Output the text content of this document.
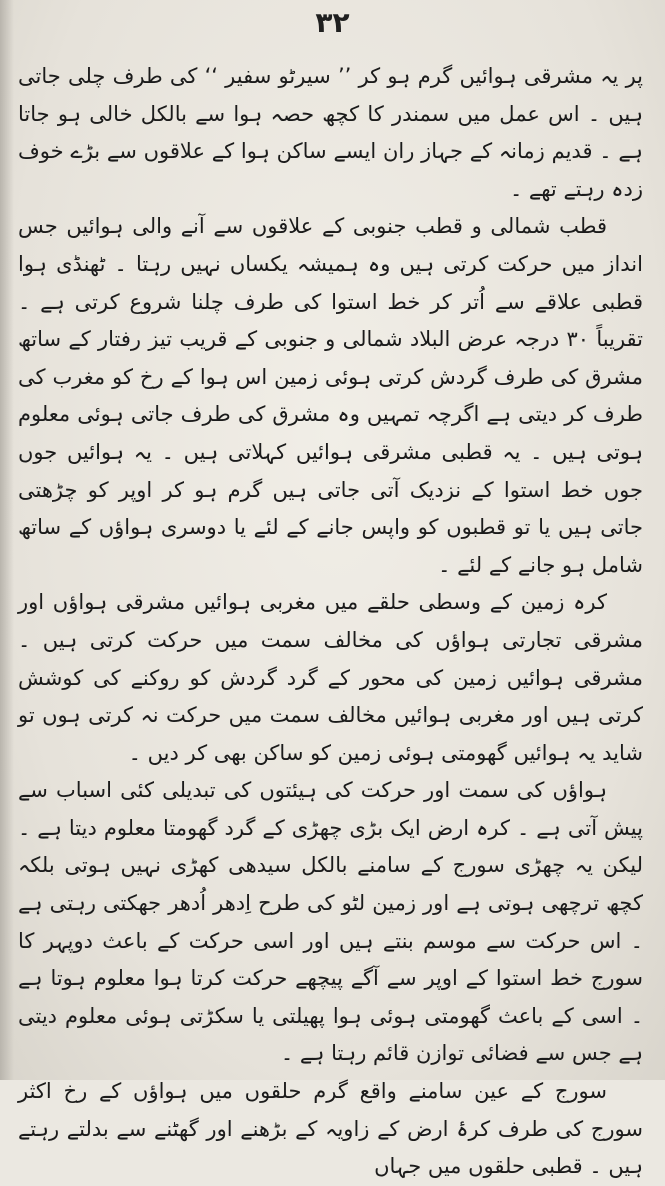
۳۲

پر یہ مشرقی ہوائیں گرم ہو کر ’’ سیرٹو سفیر ‘‘ کی طرف چلی جاتی ہیں ۔ اس عمل میں سمندر کا کچھ حصہ ہوا سے بالکل خالی ہو جاتا ہے ۔ قدیم زمانہ کے جہاز ران ایسے ساکن ہوا کے علاقوں سے بڑے خوف زدہ رہتے تھے ۔

قطب شمالی و قطب جنوبی کے علاقوں سے آنے والی ہوائیں جس انداز میں حرکت کرتی ہیں وہ ہمیشہ یکساں نہیں رہتا ۔ ٹھنڈی ہوا قطبی علاقے سے اُتر کر خط استوا کی طرف چلنا شروع کرتی ہے ۔ تقریباً ۳۰ درجہ عرض البلاد شمالی و جنوبی کے قریب تیز رفتار کے ساتھ مشرق کی طرف گردش کرتی ہوئی زمین اس ہوا کے رخ کو مغرب کی طرف کر دیتی ہے اگرچہ تمہیں وہ مشرق کی طرف جاتی ہوئی معلوم ہوتی ہیں ۔ یہ قطبی مشرقی ہوائیں کہلاتی ہیں ۔ یہ ہوائیں جوں جوں خط استوا کے نزدیک آتی جاتی ہیں گرم ہو کر اوپر کو چڑھتی جاتی ہیں یا تو قطبوں کو واپس جانے کے لئے یا دوسری ہواؤں کے ساتھ شامل ہو جانے کے لئے ۔

کرہ زمین کے وسطی حلقے میں مغربی ہوائیں مشرقی ہواؤں اور مشرقی تجارتی ہواؤں کی مخالف سمت میں حرکت کرتی ہیں ۔ مشرقی ہوائیں زمین کی محور کے گرد گردش کو روکنے کی کوشش کرتی ہیں اور مغربی ہوائیں مخالف سمت میں حرکت نہ کرتی ہوں تو شاید یہ ہوائیں گھومتی ہوئی زمین کو ساکن بھی کر دیں ۔

ہواؤں کی سمت اور حرکت کی ہیئتوں کی تبدیلی کئی اسباب سے پیش آتی ہے ۔ کرہ ارض ایک بڑی چھڑی کے گرد گھومتا معلوم دیتا ہے ۔ لیکن یہ چھڑی سورج کے سامنے بالکل سیدھی کھڑی نہیں ہوتی بلکہ کچھ ترچھی ہوتی ہے اور زمین لٹو کی طرح اِدھر اُدھر جھکتی رہتی ہے ۔ اس حرکت سے موسم بنتے ہیں اور اسی حرکت کے باعث دوپہر کا سورج خط استوا کے اوپر سے آگے پیچھے حرکت کرتا ہوا معلوم ہوتا ہے ۔ اسی کے باعث گھومتی ہوئی ہوا پھیلتی یا سکڑتی ہوئی معلوم دیتی ہے جس سے فضائی توازن قائم رہتا ہے ۔

سورج کے عین سامنے واقع گرم حلقوں میں ہواؤں کے رخ اکثر سورج کی طرف کرۂ ارض کے زاویہ کے بڑھنے اور گھٹنے سے بدلتے رہتے ہیں ۔ قطبی حلقوں میں جہاں
